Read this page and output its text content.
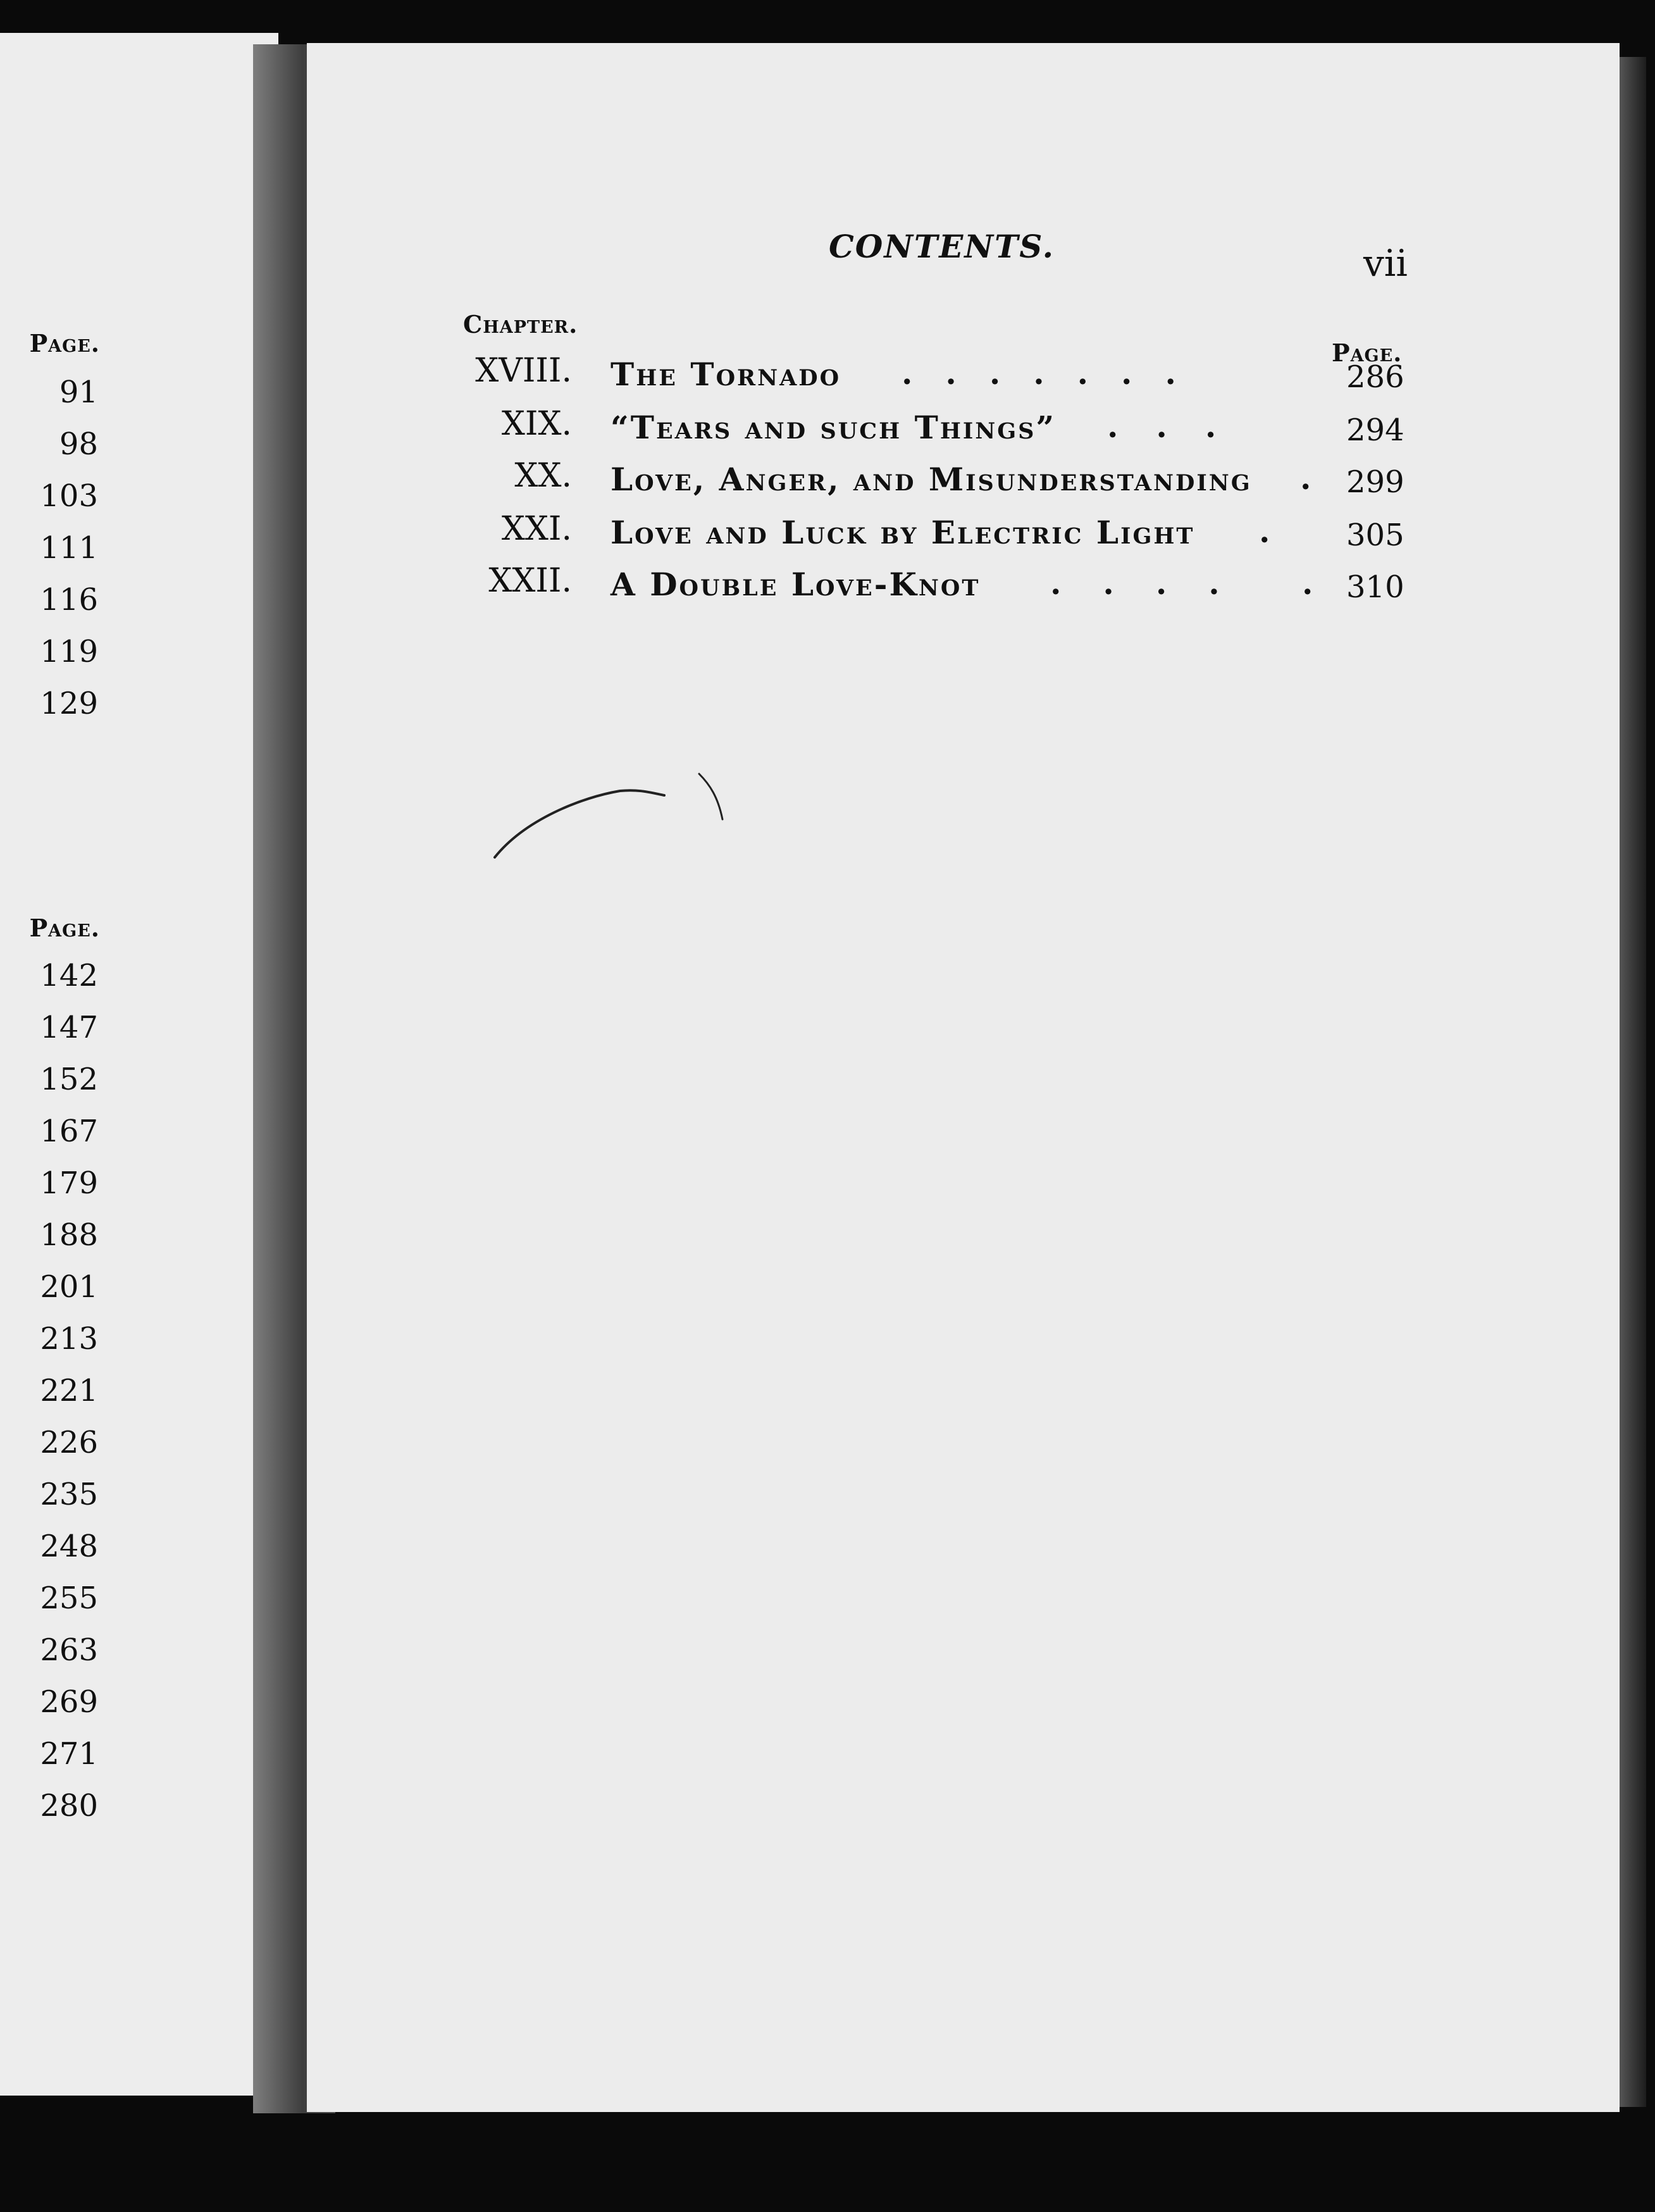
Page.
91
98
103
111
116
119
129
Page.
142
147
152
167
179
188
201
213
221
226
235
248
255
263
269
271
280
CONTENTS.	vii
Chapter.
Page.
XVIII. The Tornado .......	286
XIX. “Tears and such Things” ...	294
XX. Love, Anger, and Misunderstanding . 299
XXI. Love and Luck by Electric Light . 305
XXII. A Double Love-Knot .... . 310
